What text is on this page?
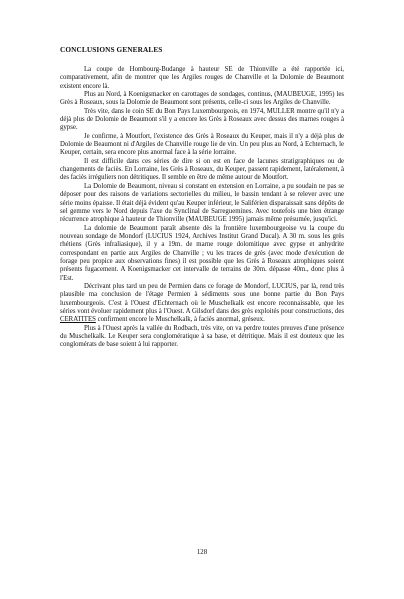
CONCLUSIONS GENERALES

La coupe de Hombourg-Budange à hauteur SE de Thionville a été rapportée ici, comparativement, afin de montrer que les Argiles rouges de Chanville et la Dolomie de Beaumont existent encore là.

Plus au Nord, à Koenigsmacker en carottages de sondages, continus, (MAUBEUGE, 1995) les Grès à Roseaux, sous la Dolomie de Beaumont sont présents, celle-ci sous les Argiles de Chanville.

Très vite, dans le coin SE du Bon Pays Luxembourgeois, en 1974, MULLER montre qu'il n'y a déjà plus de Dolomie de Beaumont s'il y a encore les Grès à Roseaux avec dessus des marnes rouges à gypse.

Je confirme, à Moutfort, l'existence des Grès à Roseaux du Keuper, mais il n'y a déjà plus de Dolomie de Beaumont ni d'Argiles de Chanville rouge lie de vin. Un peu plus au Nord, à Echternach, le Keuper, certain, sera encore plus anormal face à la série lorraine.

Il est difficile dans ces séries de dire si on est en face de lacunes stratigraphiques ou de changements de faciès. En Lorraine, les Grès à Roseaux, du Keuper, passent rapidement, latéralement, à des faciès irréguliers non détritiques. Il semble en être de même autour de Moutfort.

La Dolomie de Beaumont, niveau si constant en extension en Lorraine, a pu soudain ne pas se déposer pour des raisons de variations sectorielles du milieu, le bassin tendant à se relever avec une série moins épaisse. Il était déjà évident qu'au Keuper inférieur, le Saliférien disparaissait sans dépôts de sel gemme vers le Nord depuis l'axe du Synclinal de Sarreguemines. Avec toutefois une bien étrange récurrence atrophique à hauteur de Thionville (MAUBEUGE 1995) jamais même présumée, jusqu'ici.

La dolomie de Beaumont paraît absente dès la frontière luxembourgeoise vu la coupe du nouveau sondage de Mondorf (LUCIUS 1924, Archives Institut Grand Ducal). A 30 m. sous les grès rhétiens (Grès infraliasique), il y a 19m. de marne rouge dolomitique avec gypse et anhydrite correspondant en partie aux Argiles de Chanville ; vu les traces de grès (avec mode d'exécution de forage peu propice aux observations fines) il est possible que les Grès à Roseaux atrophiques soient présents fugacement. A Koenigsmacker cet intervalle de terrains de 30m. dépasse 40m., donc plus à l'Est.

Décrivant plus tard un peu de Permien dans ce forage de Mondorf, LUCIUS, par là, rend très plausible ma conclusion de l'étage Permien à sédiments sous une bonne partie du Bon Pays luxembourgeois. C'est à l'Ouest d'Echternach où le Muschelkalk est encore reconnaissable, que les séries vont évoluer rapidement plus à l'Ouest. A Gilsdorf dans des grès exploités pour constructions, des CERATITES confirment encore le Muschelkalk, à faciès anormal, gréseux.

Plus à l'Ouest après la vallée du Rodbach, très vite, on va perdre toutes preuves d'une présence du Muschelkalk. Le Keuper sera conglomératique à sa base, et détritique. Mais il est douteux que les conglomérats de base soient à lui rapporter.

128
